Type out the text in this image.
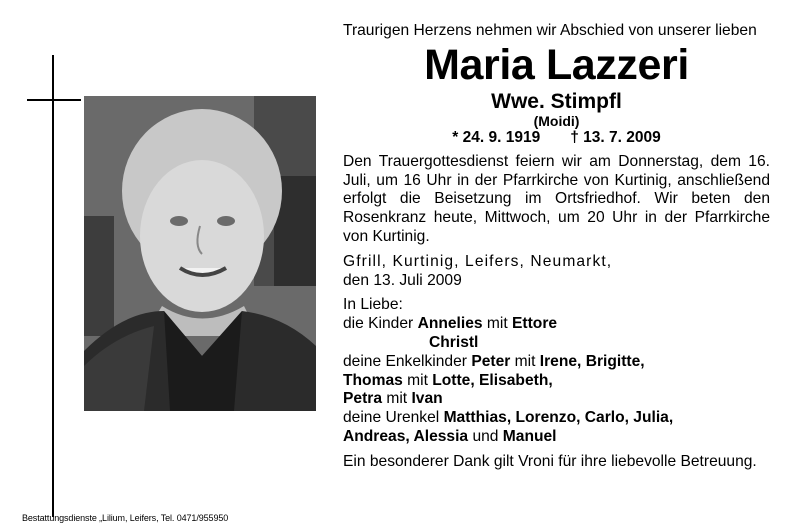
Traurigen Herzens nehmen wir Abschied von unserer lieben

Maria Lazzeri

Wwe. Stimpfl

(Moidi)

* 24. 9. 1919 † 13. 7. 2009

Den Trauergottesdienst feiern wir am Donnerstag, dem 16. Juli, um 16 Uhr in der Pfarrkirche von Kurtinig, anschließend erfolgt die Beisetzung im Ortsfriedhof. Wir beten den Rosenkranz heute, Mittwoch, um 20 Uhr in der Pfarrkirche von Kurtinig.

Gfrill, Kurtinig, Leifers, Neumarkt,

den 13. Juli 2009

In Liebe:

die Kinder Annelies mit Ettore

Christl

deine Enkelkinder Peter mit Irene, Brigitte,

Thomas mit Lotte, Elisabeth,

Petra mit Ivan

deine Urenkel Matthias, Lorenzo, Carlo, Julia,

Andreas, Alessia und Manuel

Ein besonderer Dank gilt Vroni für ihre liebevolle Betreuung.

Bestattungsdienste „Lilium, Leifers, Tel. 0471/955950
